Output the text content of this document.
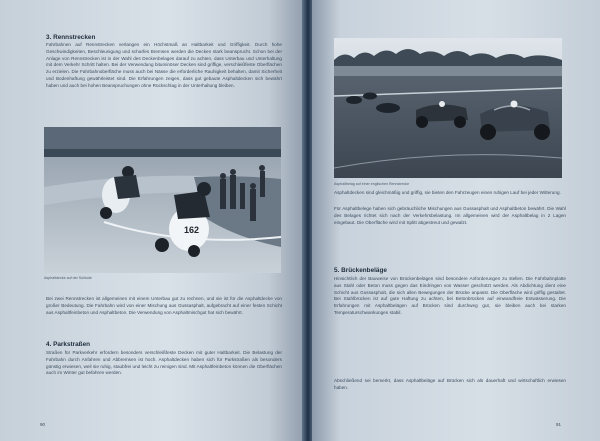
3. Rennstrecken
Fahrbahnen auf Rennstrecken verlangen ein Höchstmaß an Haltbarkeit und Griffigkeit. Durch hohe Geschwindigkeiten, Beschleunigung und scharfes Bremsen werden die Decken stark beansprucht. Schon bei der Anlage von Rennstrecken ist in der Wahl des Deckenbelages darauf zu achten, dass Unterbau und Unterhaltung mit dem Verkehr Schritt halten. Bei der Verwendung bituminöser Decken sind griffige, verschleißfeste Oberflächen zu erzielen. Die Fahrbahnoberfläche muss auch bei Nässe die erforderliche Rauhigkeit behalten, damit Sicherheit und Bodenhaftung gewährleistet sind. Die Erfahrungen zeigen, dass gut gebaute Asphaltdecken sich bewährt haben und auch bei hohen Beanspruchungen ohne Rückschlag in der Unterhaltung bleiben.
162
Asphaltdecke auf der Solitude
Bei zwei Rennstrecken ist allgemeinen mit einem Unterbau gut zu rechnen, und sie ist für die Asphaltdecke von großer Bedeutung. Die Fahrbahn wird von einer Mischung aus Gussasphalt, aufgebracht auf einer festen Schicht aus Asphaltfeinbeton und Asphaltbeton. Die Verwendung von Asphaltmischgut hat sich bewährt.
4. Parkstraßen
Straßen für Parkverkehr erfordern besonders verschleißfeste Decken mit guter Haltbarkeit. Die Belastung der Fahrbahn durch Anfahren und Abbremsen ist hoch. Asphaltdecken haben sich für Parkstraßen als besonders günstig erwiesen, weil sie ruhig, staubfrei und leicht zu reinigen sind. Mit Asphaltfeinbeton können die Oberflächen auch im Winter gut befahren werden.
90
Asphaltbelag auf einer englischen Rennstrecke
Asphaltdecken sind gleichmäßig und griffig, sie bieten den Fahrzeugen einen ruhigen Lauf bei jeder Witterung.
Für Asphaltbelege haben sich gebräuchliche Mischungen aus Gussasphalt und Asphaltbeton bewährt. Die Wahl des Belages richtet sich nach der Verkehrsbelastung. Im allgemeinen wird der Asphaltbelag in 2 Lagen eingebaut. Die Oberfläche wird mit Splitt abgestreut und gewalzt.
5. Brückenbeläge
Hinsichtlich der Bauweise von Brückenbelägen sind besondere Anforderungen zu stellen. Die Fahrbahnplatte aus Stahl oder Beton muss gegen das Eindringen von Wasser geschützt werden. Als Abdichtung dient eine Schicht aus Gussasphalt, die sich allen Bewegungen der Brücke anpasst. Die Oberfläche wird griffig gestaltet. Bei Stahlbrücken ist auf gute Haftung zu achten, bei Betonbrücken auf einwandfreie Entwässerung. Die Erfahrungen mit Asphaltbelägen auf Brücken sind durchweg gut, sie bleiben auch bei starken Temperaturschwankungen stabil.
Abschließend sei bemerkt, dass Asphaltbeläge auf Brücken sich als dauerhaft und wirtschaftlich erwiesen haben.
91
